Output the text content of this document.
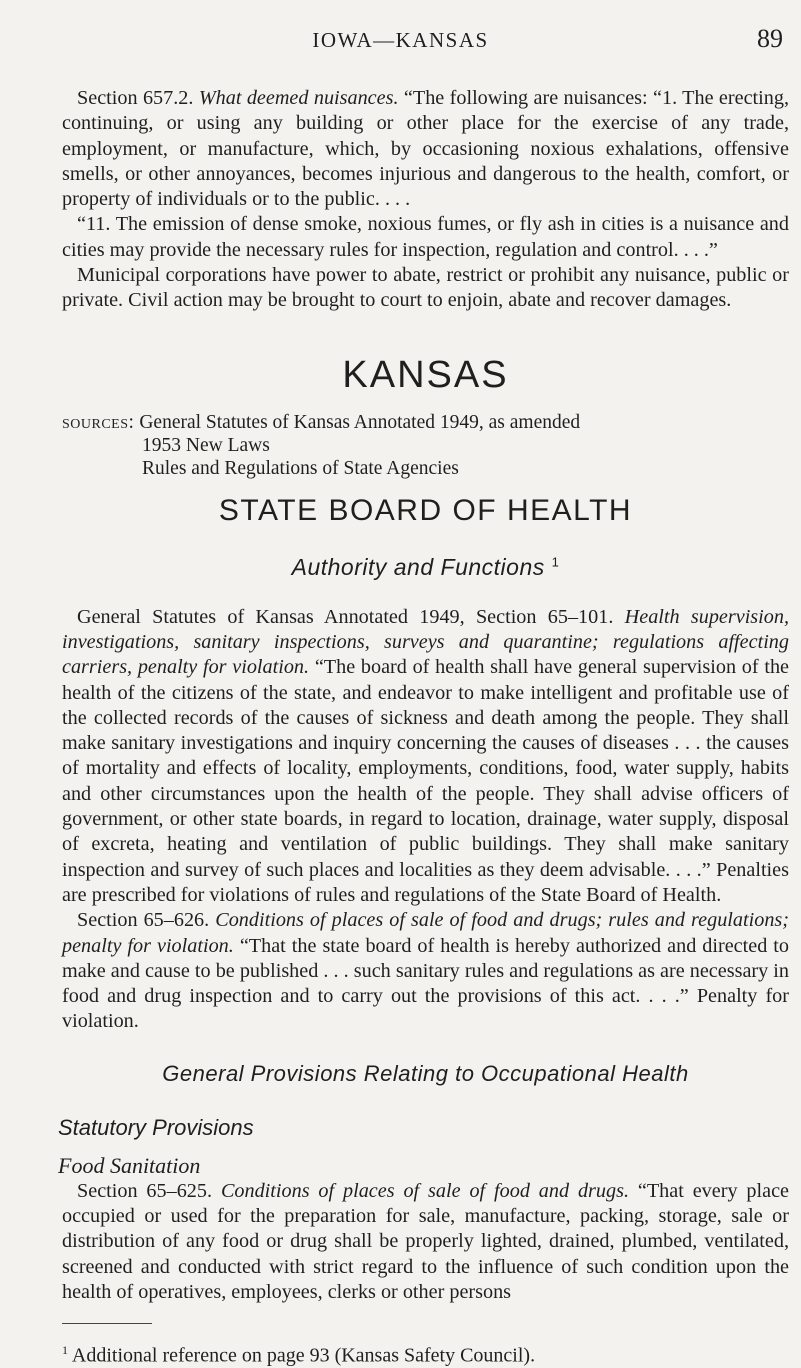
IOWA—KANSAS	89

Section 657.2. What deemed nuisances. “The following are nuisances: “1. The erecting, continuing, or using any building or other place for the exercise of any trade, employment, or manufacture, which, by occasioning noxious exhalations, offensive smells, or other annoyances, becomes injurious and dangerous to the health, comfort, or property of individuals or to the public. . . .

“11. The emission of dense smoke, noxious fumes, or fly ash in cities is a nuisance and cities may provide the necessary rules for inspection, regulation and control. . . .”

Municipal corporations have power to abate, restrict or prohibit any nuisance, public or private. Civil action may be brought to court to enjoin, abate and recover damages.

KANSAS
sources: General Statutes of Kansas Annotated 1949, as amended
1953 New Laws
Rules and Regulations of State Agencies
STATE BOARD OF HEALTH
Authority and Functions $^1$

General Statutes of Kansas Annotated 1949, Section 65–101. Health supervision, investigations, sanitary inspections, surveys and quarantine; regulations affecting carriers, penalty for violation. “The board of health shall have general supervision of the health of the citizens of the state, and endeavor to make intelligent and profitable use of the collected records of the causes of sickness and death among the people. They shall make sanitary investigations and inquiry concerning the causes of diseases . . . the causes of mortality and effects of locality, employments, conditions, food, water supply, habits and other circumstances upon the health of the people. They shall advise officers of government, or other state boards, in regard to location, drainage, water supply, disposal of excreta, heating and ventilation of public buildings. They shall make sanitary inspection and survey of such places and localities as they deem advisable. . . .” Penalties are prescribed for violations of rules and regulations of the State Board of Health.

Section 65–626. Conditions of places of sale of food and drugs; rules and regulations; penalty for violation. “That the state board of health is hereby authorized and directed to make and cause to be published . . . such sanitary rules and regulations as are necessary in food and drug inspection and to carry out the provisions of this act. . . .” Penalty for violation.

General Provisions Relating to Occupational Health
Statutory Provisions
Food Sanitation

Section 65–625. Conditions of places of sale of food and drugs. “That every place occupied or used for the preparation for sale, manufacture, packing, storage, sale or distribution of any food or drug shall be properly lighted, drained, plumbed, ventilated, screened and conducted with strict regard to the influence of such condition upon the health of operatives, employees, clerks or other persons

$^1$ Additional reference on page 93 (Kansas Safety Council).
